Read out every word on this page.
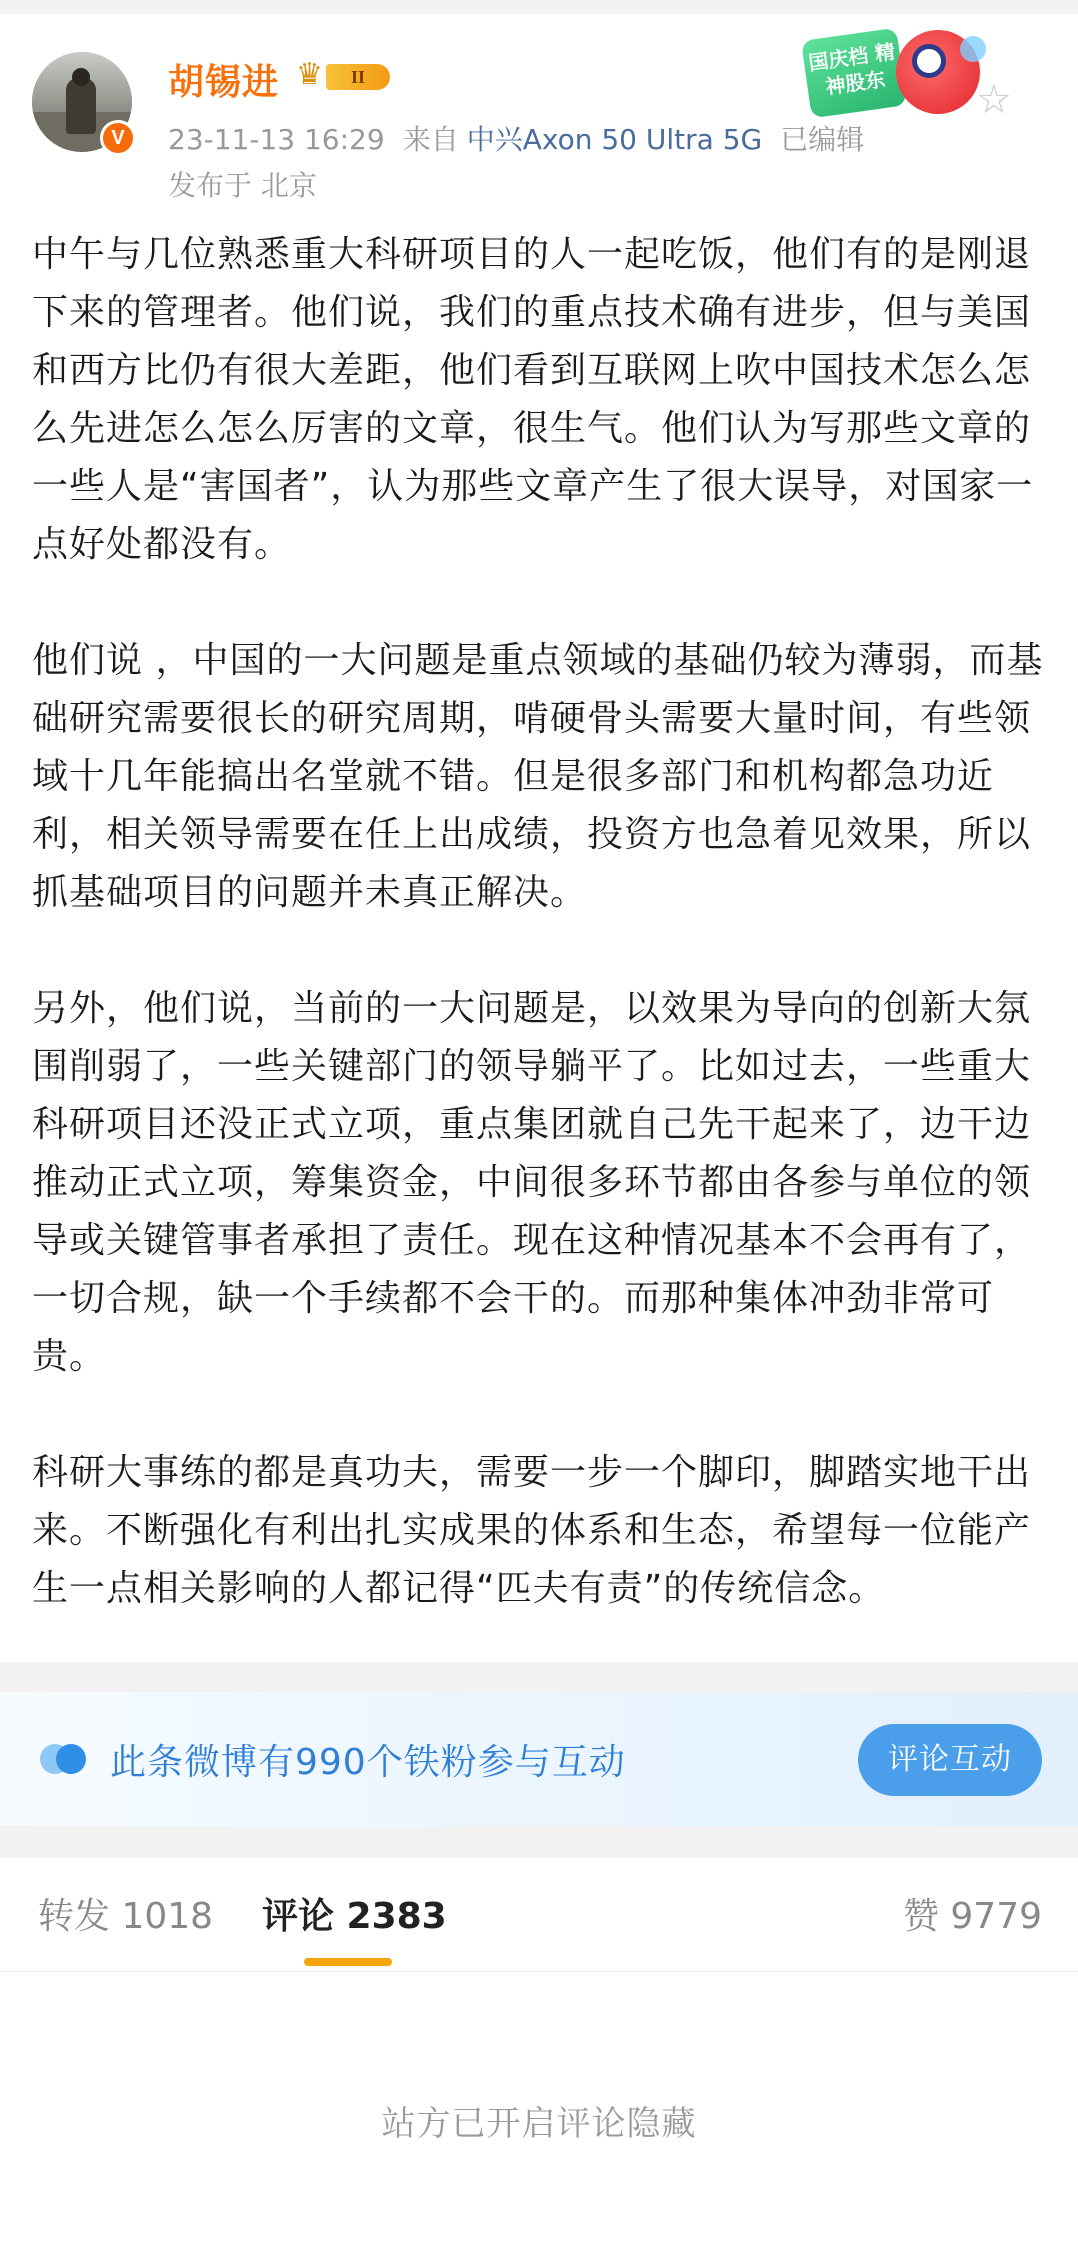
V
胡锡进 ♛	II
23-11-13 16:29 来自 中兴Axon 50 Ultra 5G 已编辑
发布于 北京
国庆档 精神股东	☆

中午与几位熟悉重大科研项目的人一起吃饭，他们有的是刚退下来的管理者。他们说，我们的重点技术确有进步，但与美国和西方比仍有很大差距，他们看到互联网上吹中国技术怎么怎么先进怎么怎么厉害的文章，很生气。他们认为写那些文章的一些人是“害国者”，认为那些文章产生了很大误导，对国家一点好处都没有。

他们说 ，中国的一大问题是重点领域的基础仍较为薄弱，而基础研究需要很长的研究周期，啃硬骨头需要大量时间，有些领域十几年能搞出名堂就不错。但是很多部门和机构都急功近利，相关领导需要在任上出成绩，投资方也急着见效果，所以抓基础项目的问题并未真正解决。

另外，他们说，当前的一大问题是，以效果为导向的创新大氛围削弱了，一些关键部门的领导躺平了。比如过去，一些重大科研项目还没正式立项，重点集团就自己先干起来了，边干边推动正式立项，筹集资金，中间很多环节都由各参与单位的领导或关键管事者承担了责任。现在这种情况基本不会再有了，一切合规，缺一个手续都不会干的。而那种集体冲劲非常可贵。

科研大事练的都是真功夫，需要一步一个脚印，脚踏实地干出来。不断强化有利出扎实成果的体系和生态，希望每一位能产生一点相关影响的人都记得“匹夫有责”的传统信念。

此条微博有990个铁粉参与互动	评论互动
转发 1018 评论 2383	赞 9779
站方已开启评论隐藏
